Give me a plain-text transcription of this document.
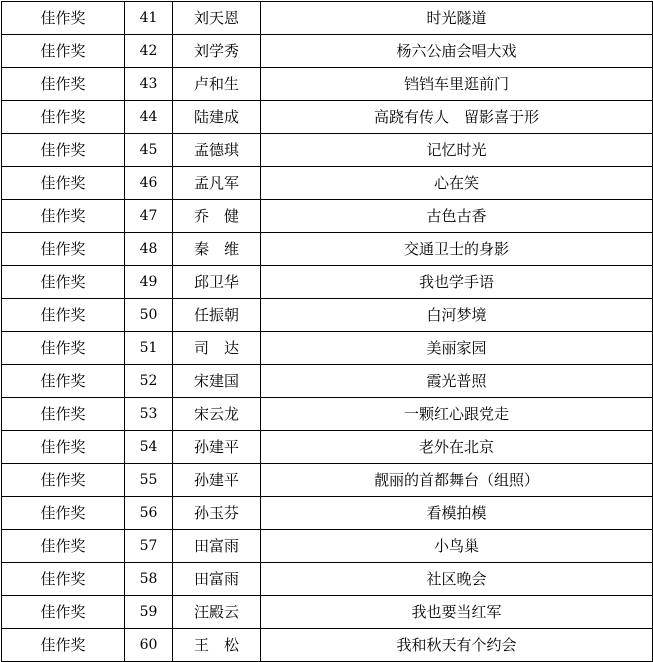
佳作奖	41	刘天恩	时光隧道
佳作奖	42	刘学秀	杨六公庙会唱大戏
佳作奖	43	卢和生	铛铛车里逛前门
佳作奖	44	陆建成	高跷有传人　留影喜于形
佳作奖	45	孟德琪	记忆时光
佳作奖	46	孟凡军	心在笑
佳作奖	47	乔　健	古色古香
佳作奖	48	秦　维	交通卫士的身影
佳作奖	49	邱卫华	我也学手语
佳作奖	50	任振朝	白河梦境
佳作奖	51	司　达	美丽家园
佳作奖	52	宋建国	霞光普照
佳作奖	53	宋云龙	一颗红心跟党走
佳作奖	54	孙建平	老外在北京
佳作奖	55	孙建平	靓丽的首都舞台（组照）
佳作奖	56	孙玉芬	看模拍模
佳作奖	57	田富雨	小鸟巢
佳作奖	58	田富雨	社区晚会
佳作奖	59	汪殿云	我也要当红军
佳作奖	60	王　松	我和秋天有个约会
